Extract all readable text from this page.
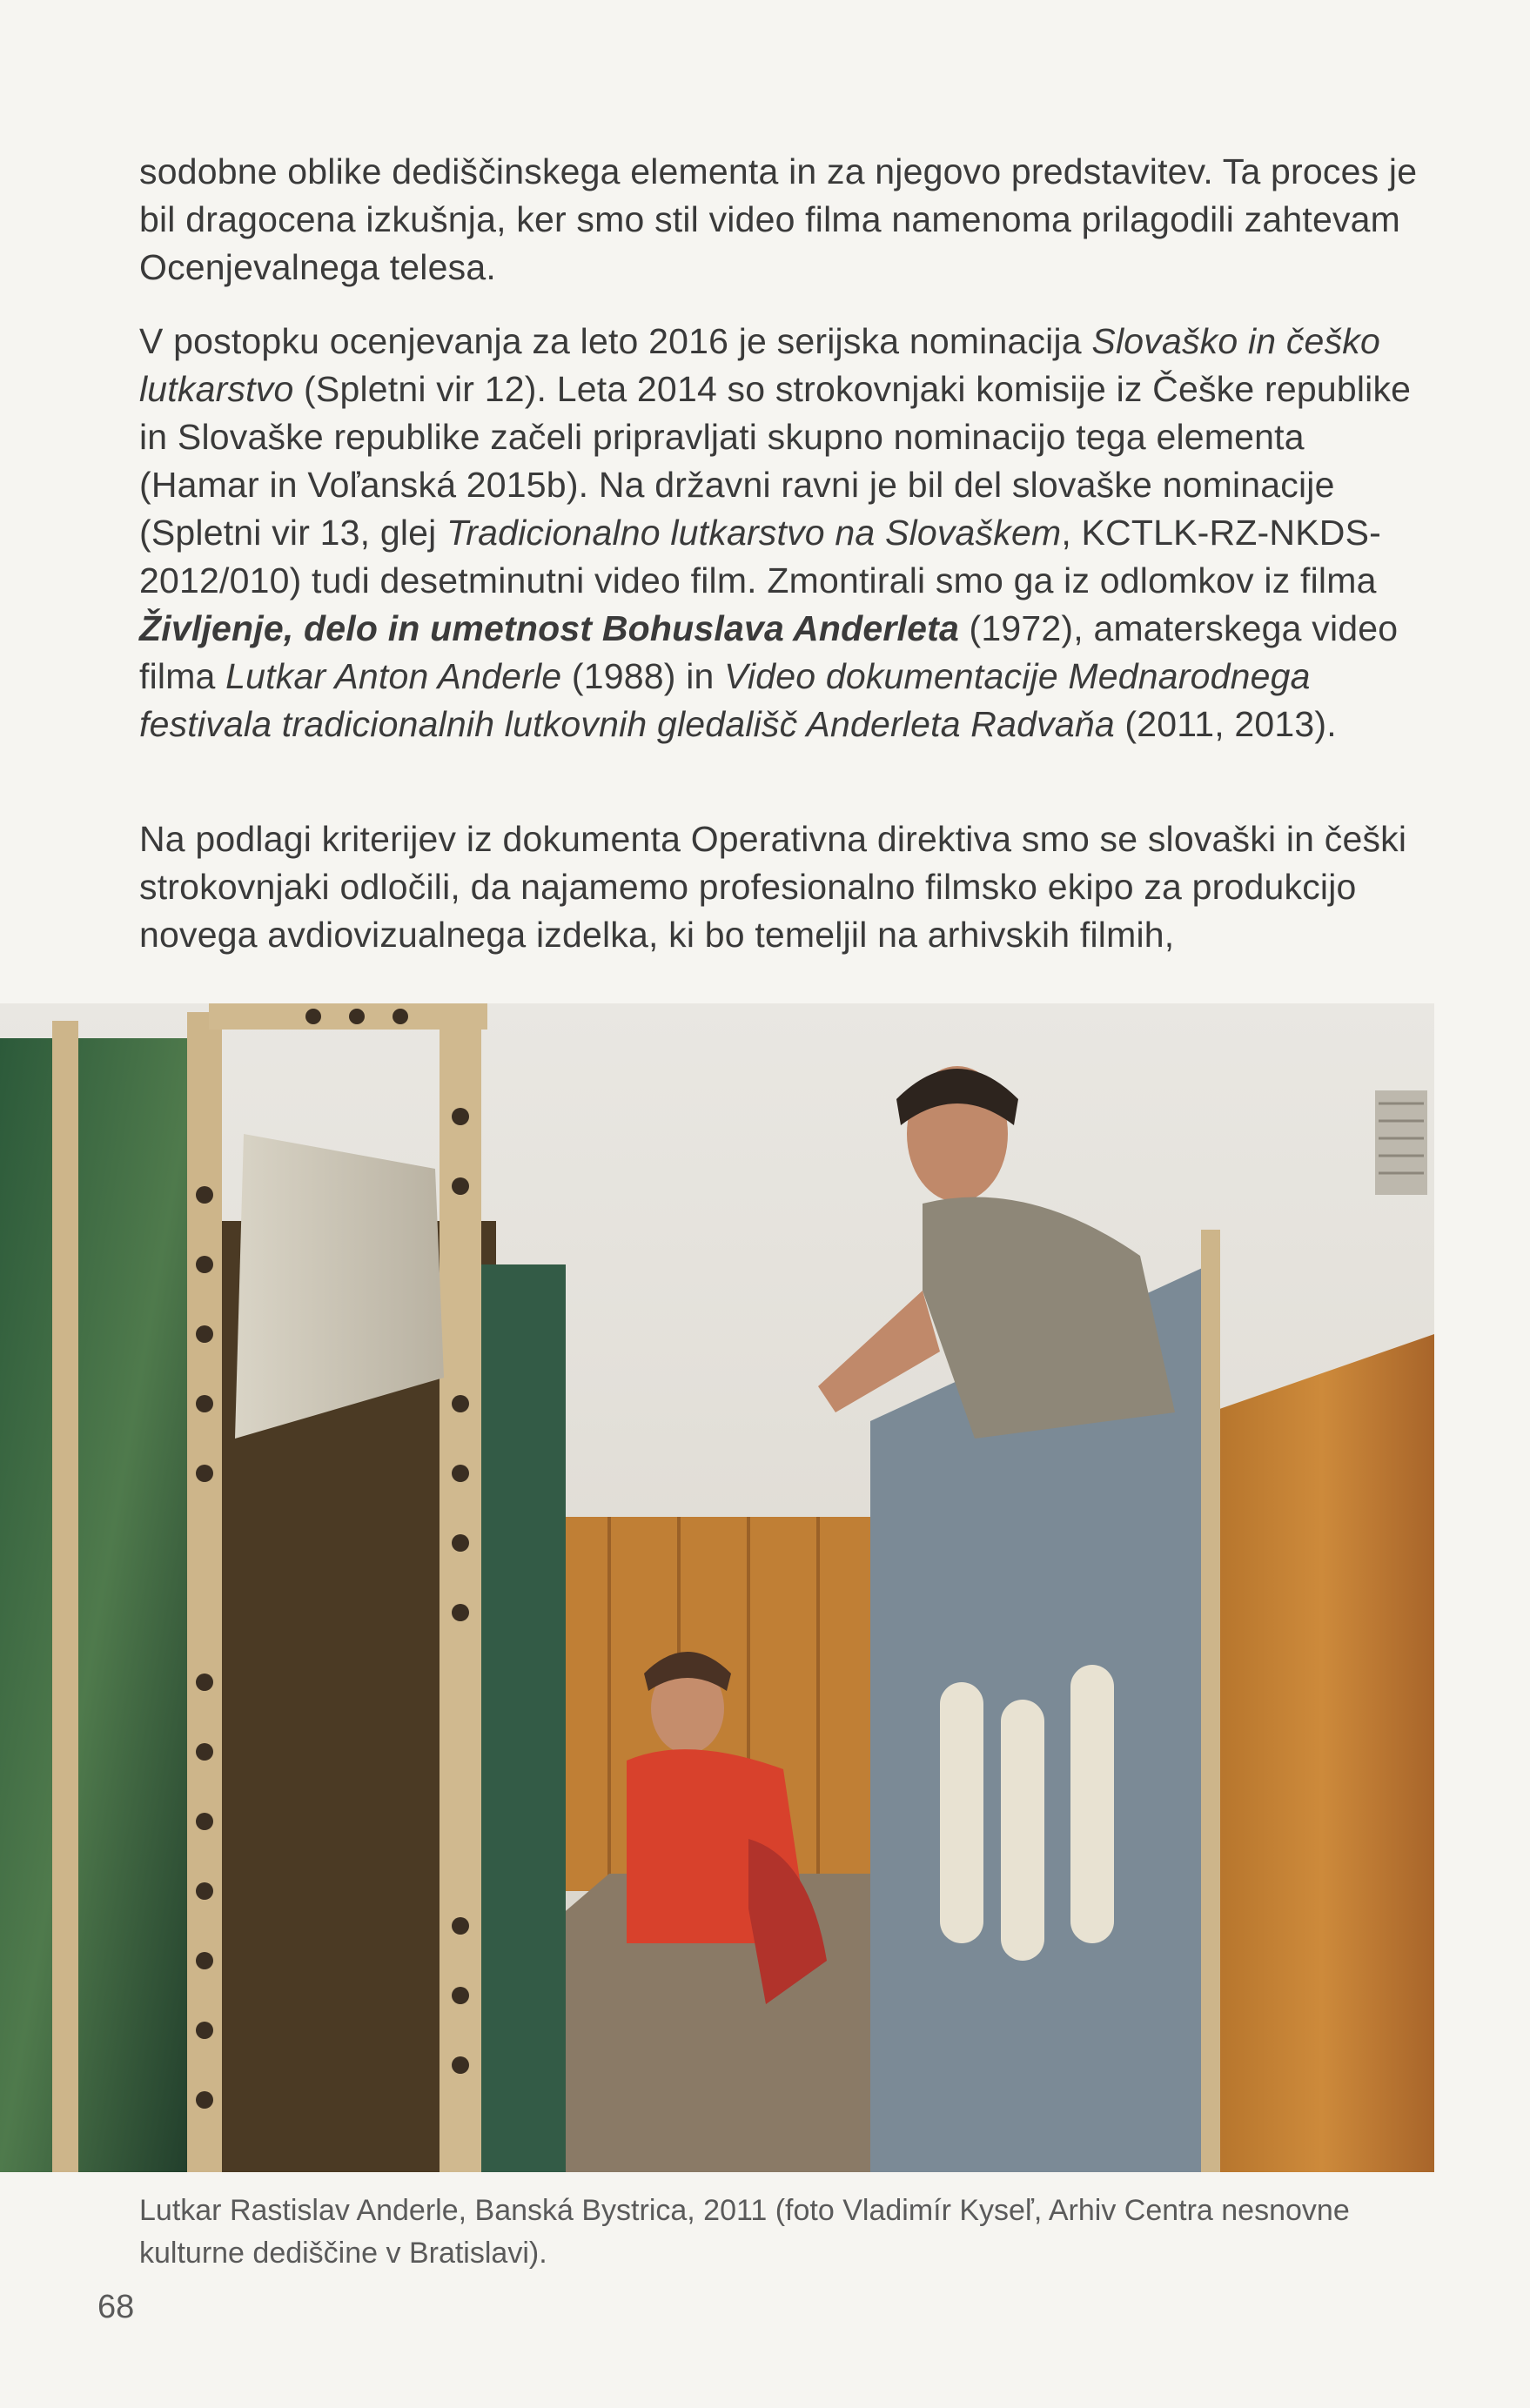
sodobne oblike dediščinskega elementa in za njegovo predstavitev. Ta proces je bil dragocena izkušnja, ker smo stil video filma namenoma prilagodili zahtevam Ocenjevalnega telesa.

V postopku ocenjevanja za leto 2016 je serijska nominacija Slovaško in češko lutkarstvo (Spletni vir 12). Leta 2014 so strokovnjaki komisije iz Češke republike in Slovaške republike začeli pripravljati skupno nominacijo tega elementa (Hamar in Voľanská 2015b). Na državni ravni je bil del slovaške nominacije (Spletni vir 13, glej Tradicionalno lutkarstvo na Slovaškem, KCTLK-RZ-NKDS-2012/010) tudi desetminutni video film. Zmontirali smo ga iz odlomkov iz filma Življenje, delo in umetnost Bohuslava Anderleta (1972), amaterskega video filma Lutkar Anton Anderle (1988) in Video dokumentacije Mednarodnega festivala tradicionalnih lutkovnih gledališč Anderleta Radvaňa (2011, 2013).

Na podlagi kriterijev iz dokumenta Operativna direktiva smo se slovaški in češki strokovnjaki odločili, da najamemo profesionalno filmsko ekipo za produkcijo novega avdiovizualnega izdelka, ki bo temeljil na arhivskih filmih,

Lutkar Rastislav Anderle, Banská Bystrica, 2011 (foto Vladimír Kyseľ, Arhiv Centra nesnovne kulturne dediščine v Bratislavi).
68
